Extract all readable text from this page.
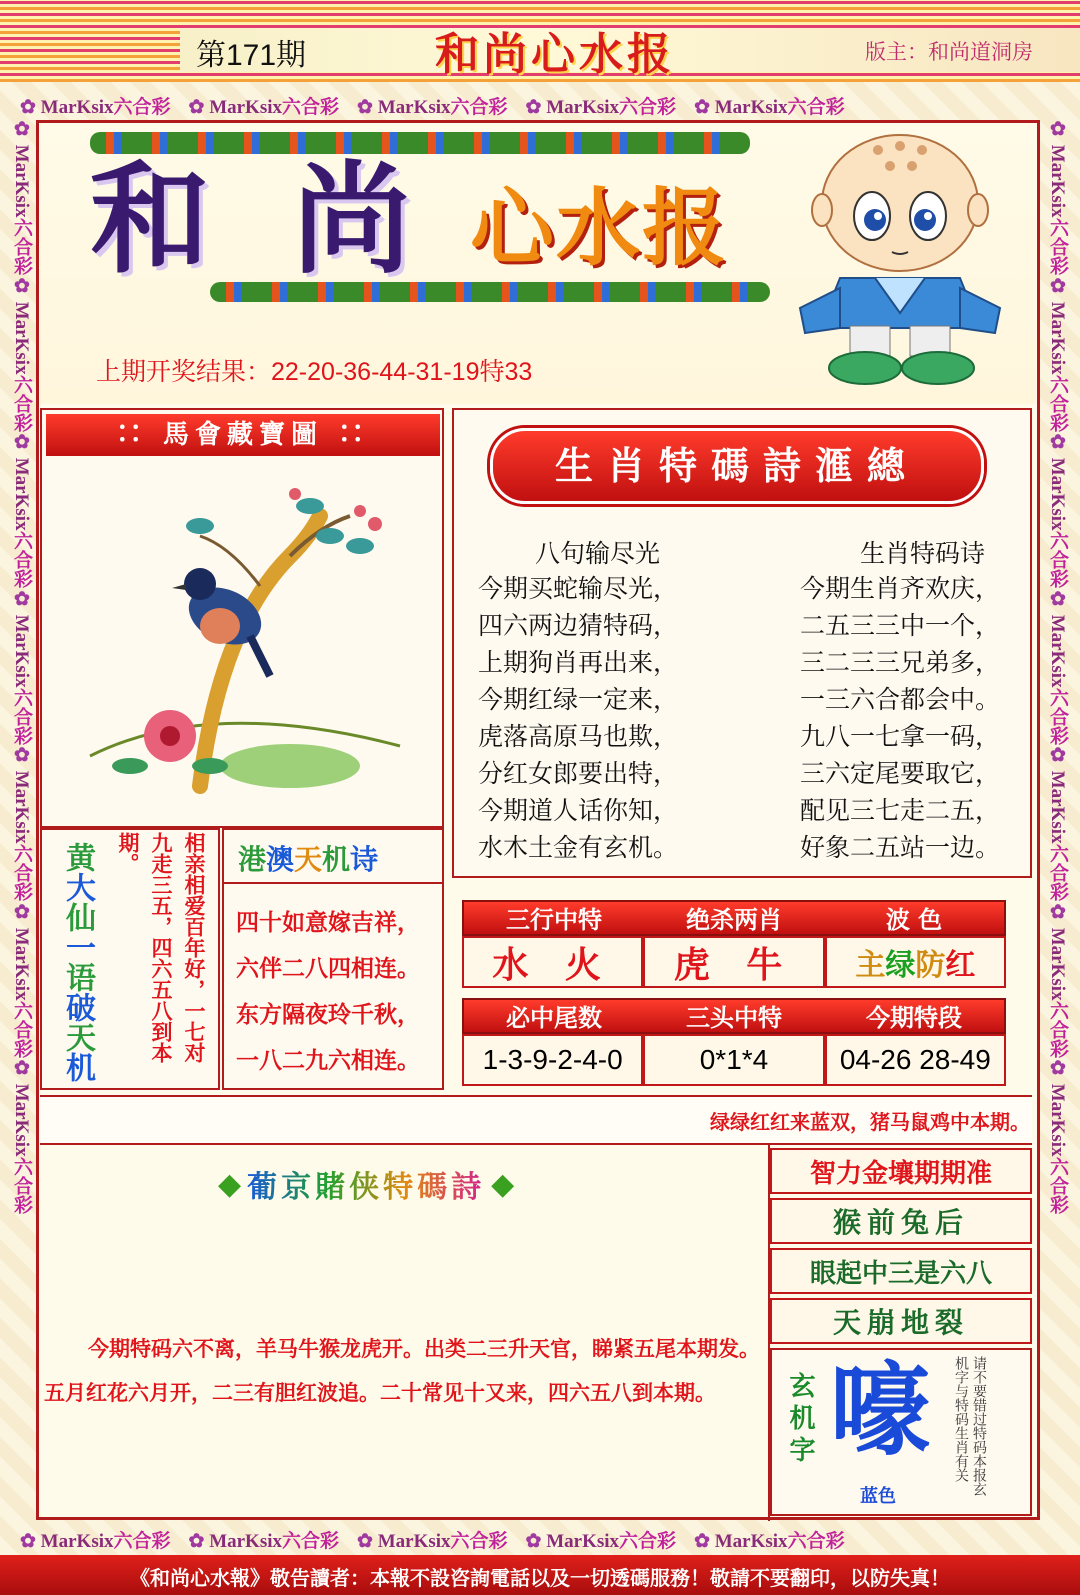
第171期	和尚心水报	版主：和尚道洞房
✿ MarKsix六合彩 ✿ MarKsix六合彩 ✿ MarKsix六合彩 ✿ MarKsix六合彩 ✿ MarKsix六合彩
✿ MarKsix六合彩 ✿ MarKsix六合彩 ✿ MarKsix六合彩 ✿ MarKsix六合彩 ✿ MarKsix六合彩
✿ MarKsix六合彩✿ MarKsix六合彩✿ MarKsix六合彩✿ MarKsix六合彩✿ MarKsix六合彩✿ MarKsix六合彩✿ MarKsix六合彩
✿ MarKsix六合彩✿ MarKsix六合彩✿ MarKsix六合彩✿ MarKsix六合彩✿ MarKsix六合彩✿ MarKsix六合彩✿ MarKsix六合彩
和 尚 心水报
上期开奖结果：22-20-36-44-31-19特33
∷ 馬會藏寶圖 ∷
生肖特碼詩滙總
八句输尽光
今期买蛇输尽光，
四六两边猜特码，
上期狗肖再出来，
今期红绿一定来，
虎落高原马也欺，
分红女郎要出特，
今期道人话你知，
水木土金有玄机。
生肖特码诗
今期生肖齐欢庆，
二五三三中一个，
三二三三兄弟多，
一三六合都会中。
九八一七拿一码，
三六定尾要取它，
配见三七走二五，
好象二五站一边。
黄大仙一语破天机
相亲相爱百年好，一七对九走三五，四六五八到本期。	港澳天机诗
四十如意嫁吉祥，
六伴二八四相连。
东方隔夜玲千秋，
一八二九六相连。
三行中特	绝杀两肖	波 色
水 火	虎 牛	主 绿 防 红
必中尾数	三头中特	今期特段
1-3-9-2-4-0	0*1*4	04-26 28-49
绿绿红红来蓝双，猪马鼠鸡中本期。
◆ 葡京賭侠特碼詩 ◆
今期特码六不离，羊马牛猴龙虎开。出类二三升天官，睇紧五尾本期发。五月红花六月开，二三有胆红波追。二十常见十又来，四六五八到本期。
智力金壤期期准
猴前兔后
眼起中三是六八
天崩地裂
玄机字 嚎
蓝色
请不要错过特码本报玄机字与特码生肖有关
《和尚心水報》敬告讀者：本報不設咨詢電話以及一切透碼服務！敬請不要翻印，以防失真！
